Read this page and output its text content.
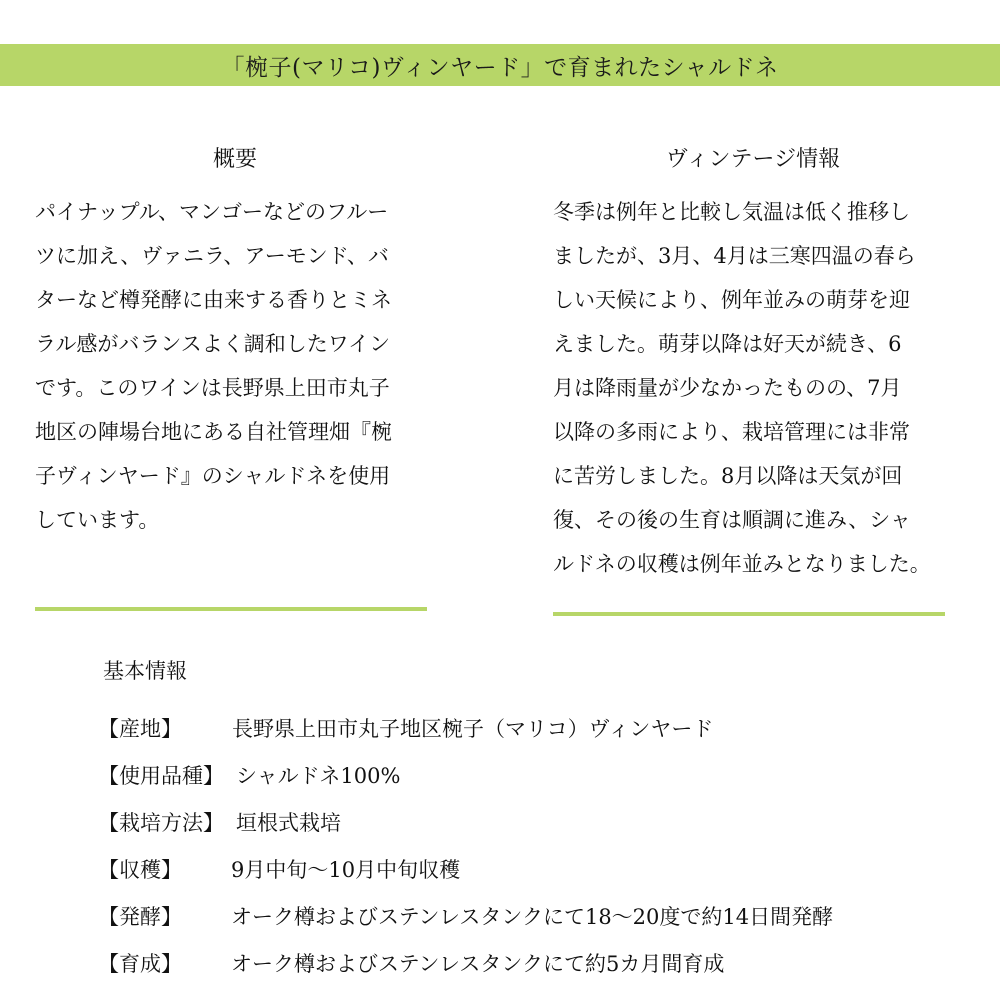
「椀子(マリコ)ヴィンヤード」で育まれたシャルドネ
概要
パイナップル、マンゴーなどのフルー
ツに加え、ヴァニラ、アーモンド、バ
ターなど樽発酵に由来する香りとミネ
ラル感がバランスよく調和したワイン
です。このワインは長野県上田市丸子
地区の陣場台地にある自社管理畑『椀
子ヴィンヤード』のシャルドネを使用
しています。
ヴィンテージ情報
冬季は例年と比較し気温は低く推移し
ましたが、3月、4月は三寒四温の春ら
しい天候により、例年並みの萌芽を迎
えました。萌芽以降は好天が続き、6
月は降雨量が少なかったものの、7月
以降の多雨により、栽培管理には非常
に苦労しました。8月以降は天気が回
復、その後の生育は順調に進み、シャ
ルドネの収穫は例年並みとなりました。
基本情報
【産地】	長野県上田市丸子地区椀子（マリコ）ヴィンヤード
【使用品種】 シャルドネ100%
【栽培方法】 垣根式栽培
【収穫】	9月中旬～10月中旬収穫
【発酵】	オーク樽およびステンレスタンクにて18～20度で約14日間発酵
【育成】	オーク樽およびステンレスタンクにて約5カ月間育成
